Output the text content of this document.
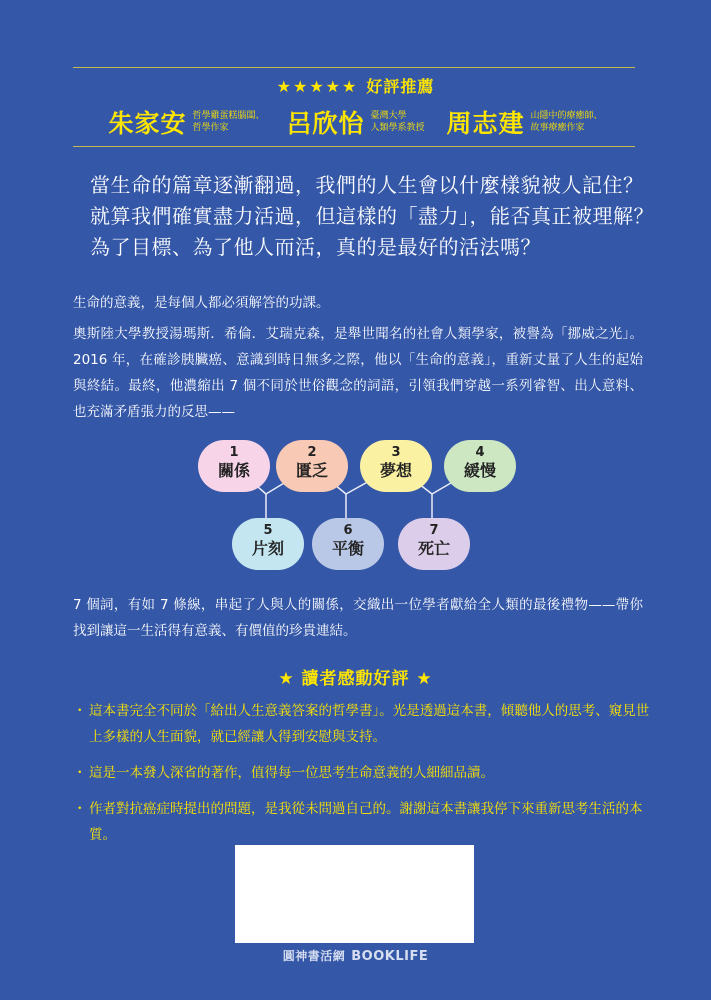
★★★★★ 好評推薦
朱家安 哲學雞蛋糕腦闆、
哲學作家	呂欣怡 臺灣大學
人類學系教授 周志建 山隱中的療癒師、
故事療癒作家
當生命的篇章逐漸翻過，我們的人生會以什麼樣貌被人記住？
就算我們確實盡力活過，但這樣的「盡力」，能否真正被理解？
為了目標、為了他人而活，真的是最好的活法嗎？
生命的意義，是每個人都必須解答的功課。
奧斯陸大學教授湯瑪斯．希倫．艾瑞克森，是舉世聞名的社會人類學家，被譽為「挪威之光」。2016 年，在確診胰臟癌、意識到時日無多之際，他以「生命的意義」，重新丈量了人生的起始與終結。最終，他濃縮出 7 個不同於世俗觀念的詞語，引領我們穿越一系列睿智、出人意料、也充滿矛盾張力的反思——
1
關係
2
匱乏
3
夢想
4
緩慢
5
片刻
6
平衡
7
死亡
7 個詞，有如 7 條線，串起了人與人的關係，交織出一位學者獻給全人類的最後禮物——帶你找到讓這一生活得有意義、有價值的珍貴連結。
★ 讀者感動好評 ★
・ 這本書完全不同於「給出人生意義答案的哲學書」。光是透過這本書，傾聽他人的思考、窺見世上多樣的人生面貌，就已經讓人得到安慰與支持。
・ 這是一本發人深省的著作，值得每一位思考生命意義的人細細品讀。
・ 作者對抗癌症時提出的問題，是我從未問過自己的。謝謝這本書讓我停下來重新思考生活的本質。
圓神書活網 BOOKLIFE
